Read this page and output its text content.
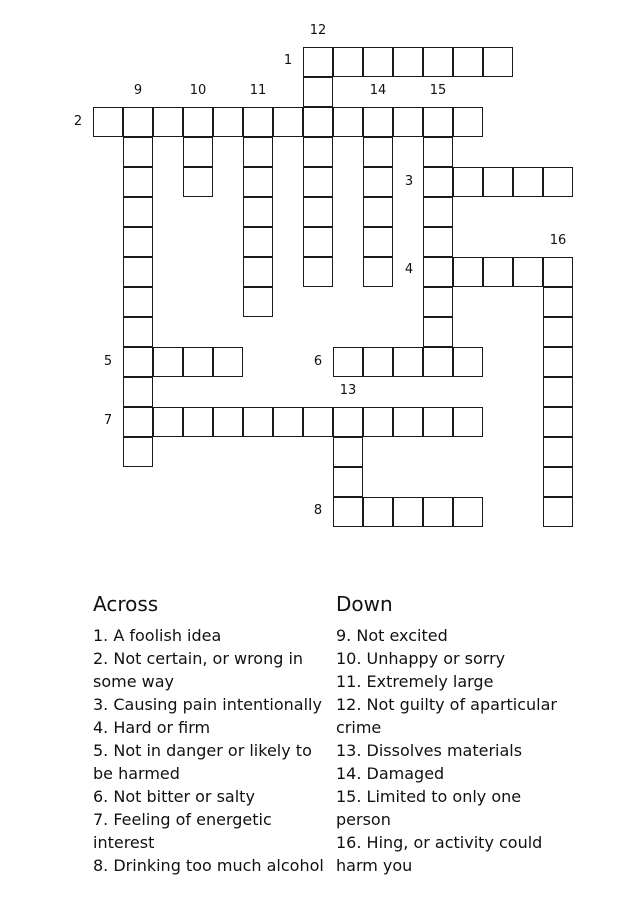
12
1
9	10	11	14	15
2
3
16
4
5	6
13
7
8
Across

1. A foolish idea

2. Not certain, or wrong in some way

3. Causing pain intentionally

4. Hard or firm

5. Not in danger or likely to be harmed

6. Not bitter or salty

7. Feeling of energetic interest

8. Drinking too much alcohol

Down

9. Not excited

10. Unhappy or sorry

11. Extremely large

12. Not guilty of aparticular crime

13. Dissolves materials

14. Damaged

15. Limited to only one person

16. Hing, or activity could harm you
